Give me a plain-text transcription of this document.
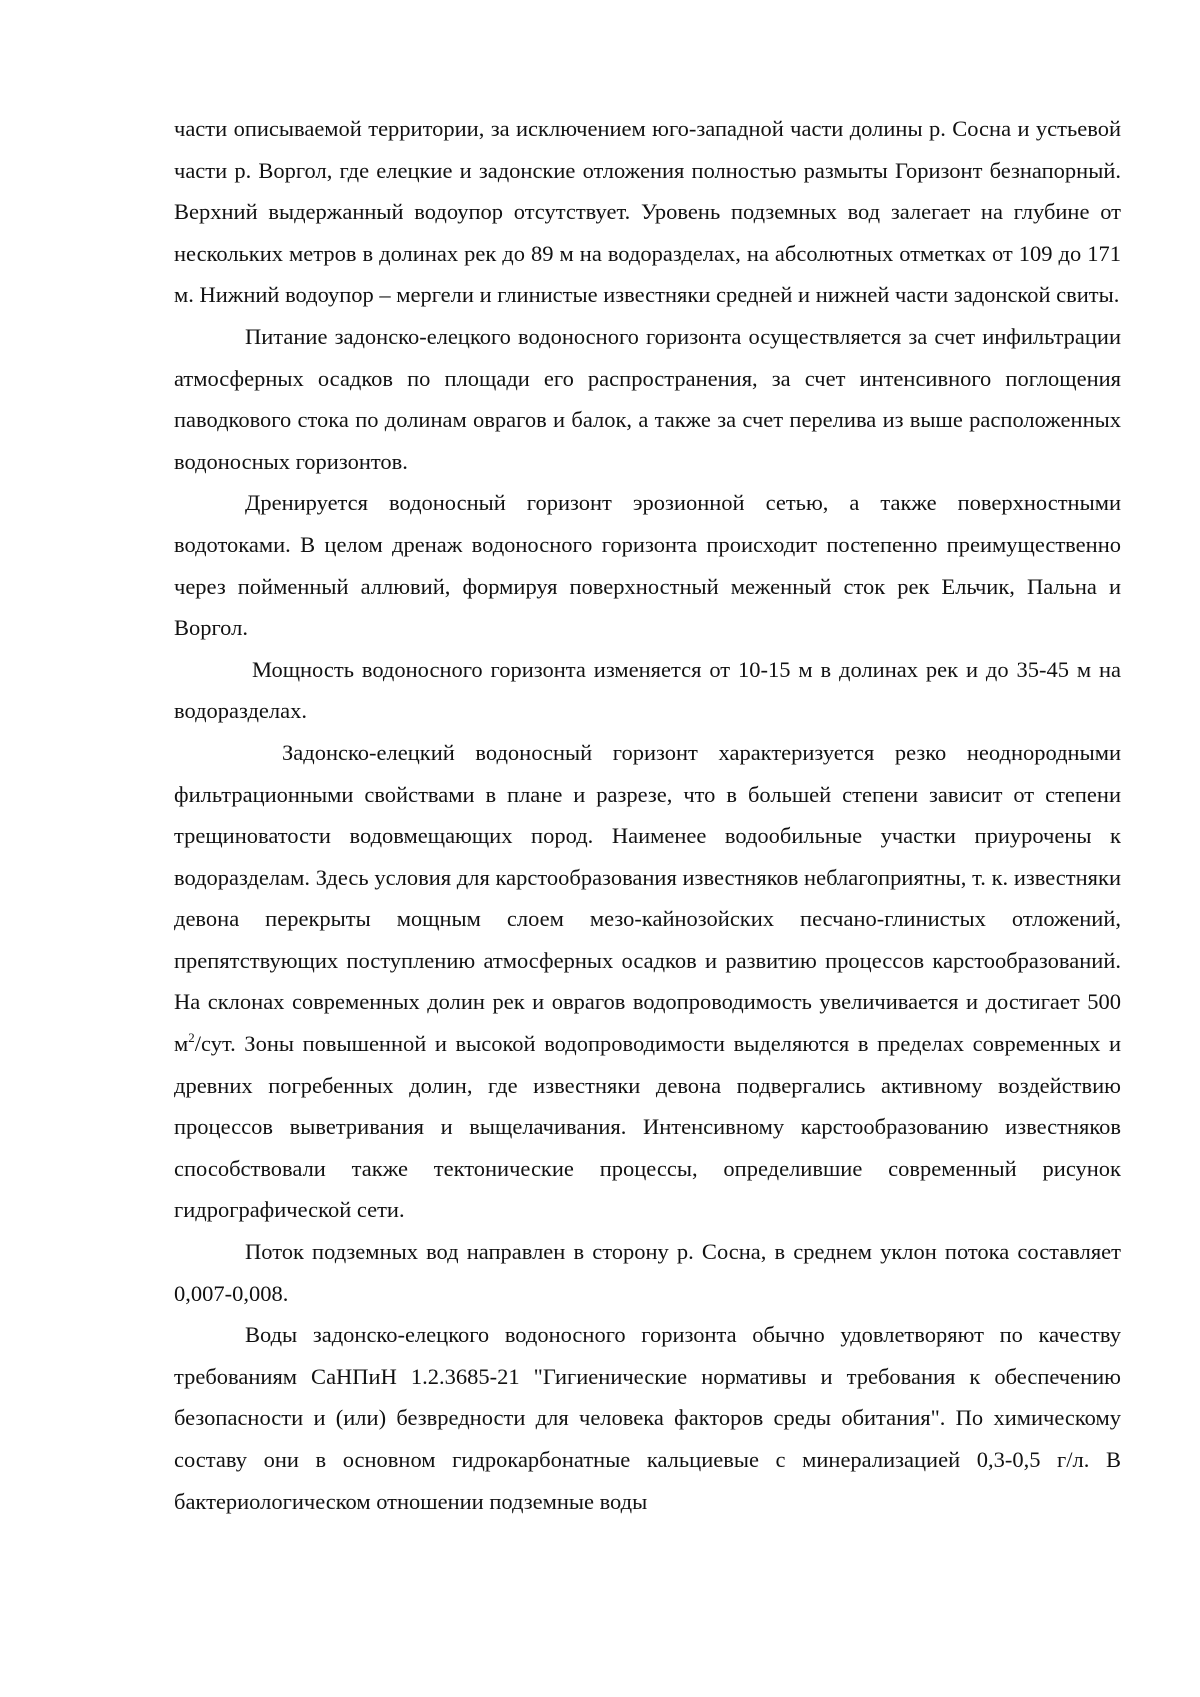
части описываемой территории, за исключением юго-западной части долины р. Сосна и устьевой части р. Воргол, где елецкие и задонские отложения полностью размыты Горизонт безнапорный. Верхний выдержанный водоупор отсутствует. Уровень подземных вод залегает на глубине от нескольких метров в долинах рек до 89 м на водоразделах, на абсолютных отметках от 109 до 171 м. Нижний водоупор – мергели и глинистые известняки средней и нижней части задонской свиты.

Питание задонско-елецкого водоносного горизонта осуществляется за счет инфильтрации атмосферных осадков по площади его распространения, за счет интенсивного поглощения паводкового стока по долинам оврагов и балок, а также за счет перелива из выше расположенных водоносных горизонтов.

Дренируется водоносный горизонт эрозионной сетью, а также поверхностными водотоками. В целом дренаж водоносного горизонта происходит постепенно преимущественно через пойменный аллювий, формируя поверхностный меженный сток рек Ельчик, Пальна и Воргол.

Мощность водоносного горизонта изменяется от 10-15 м в долинах рек и до 35-45 м на водоразделах.

Задонско-елецкий водоносный горизонт характеризуется резко неоднородными фильтрационными свойствами в плане и разрезе, что в большей степени зависит от степени трещиноватости водовмещающих пород. Наименее водообильные участки приурочены к водоразделам. Здесь условия для карстообразования известняков неблагоприятны, т. к. известняки девона перекрыты мощным слоем мезо-кайнозойских песчано-глинистых отложений, препятствующих поступлению атмосферных осадков и развитию процессов карстообразований. На склонах современных долин рек и оврагов водопроводимость увеличивается и достигает 500 $м^2$/сут. Зоны повышенной и высокой водопроводимости выделяются в пределах современных и древних погребенных долин, где известняки девона подвергались активному воздействию процессов выветривания и выщелачивания. Интенсивному карстообразованию известняков способствовали также тектонические процессы, определившие современный рисунок гидрографической сети.

Поток подземных вод направлен в сторону р. Сосна, в среднем уклон потока составляет 0,007-0,008.

Воды задонско-елецкого водоносного горизонта обычно удовлетворяют по качеству требованиям СаНПиН 1.2.3685-21 "Гигиенические нормативы и требования к обеспечению безопасности и (или) безвредности для человека факторов среды обитания". По химическому составу они в основном гидрокарбонатные кальциевые с минерализацией 0,3-0,5 г/л. В бактериологическом отношении подземные воды
